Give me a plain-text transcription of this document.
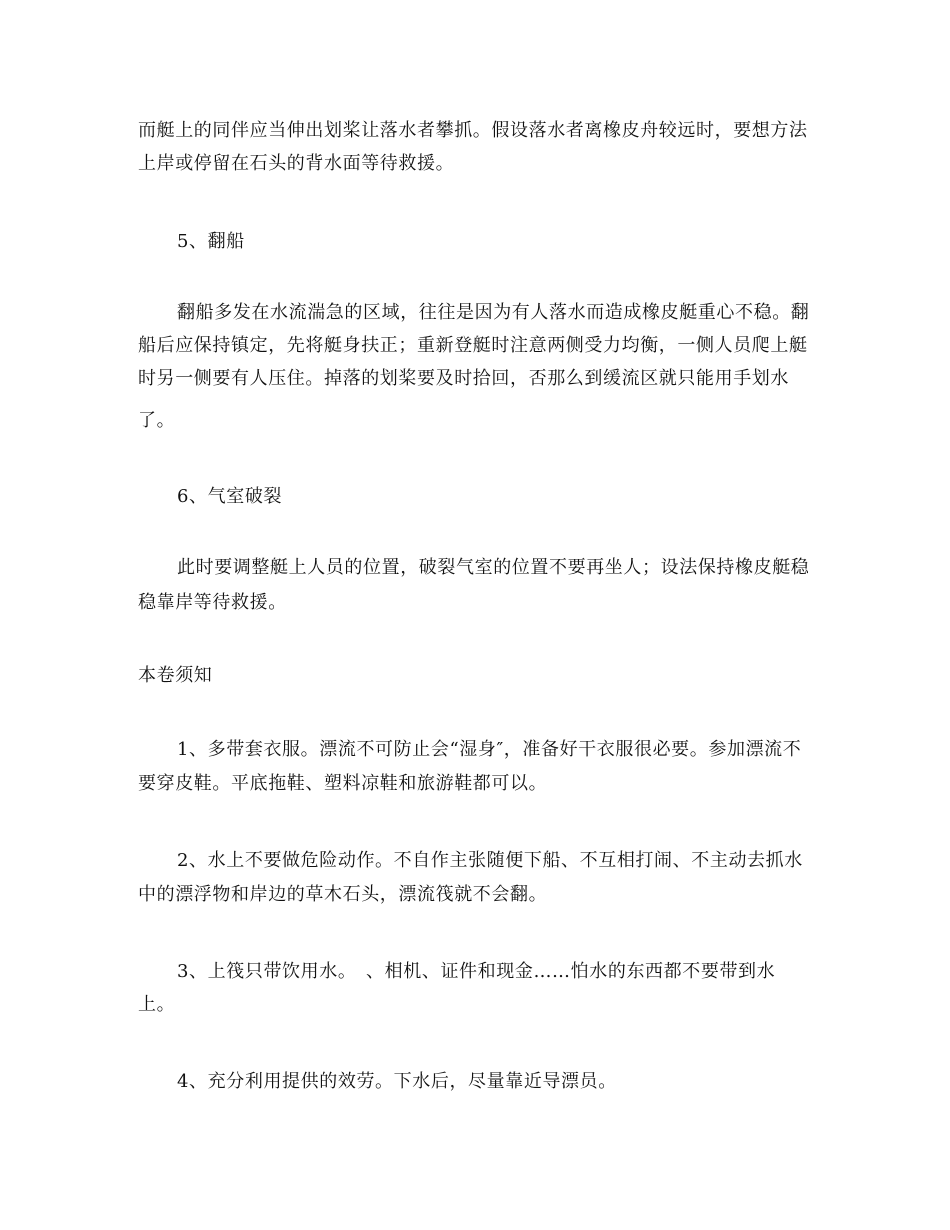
而艇上的同伴应当伸出划桨让落水者攀抓。假设落水者离橡皮舟较远时，要想方法
上岸或停留在石头的背水面等待救援。
5、翻船
翻船多发在水流湍急的区域，往往是因为有人落水而造成橡皮艇重心不稳。翻
船后应保持镇定，先将艇身扶正；重新登艇时注意两侧受力均衡，一侧人员爬上艇
时另一侧要有人压住。掉落的划桨要及时拾回，否那么到缓流区就只能用手划水
了。
6、气室破裂
此时要调整艇上人员的位置，破裂气室的位置不要再坐人；设法保持橡皮艇稳
稳靠岸等待救援。
本卷须知
1、多带套衣服。漂流不可防止会“湿身″，准备好干衣服很必要。参加漂流不
要穿皮鞋。平底拖鞋、塑料凉鞋和旅游鞋都可以。
2、水上不要做危险动作。不自作主张随便下船、不互相打闹、不主动去抓水
中的漂浮物和岸边的草木石头，漂流筏就不会翻。
3、上筏只带饮用水。　、相机、证件和现金……怕水的东西都不要带到水
上。
4、充分利用提供的效劳。下水后，尽量靠近导漂员。
